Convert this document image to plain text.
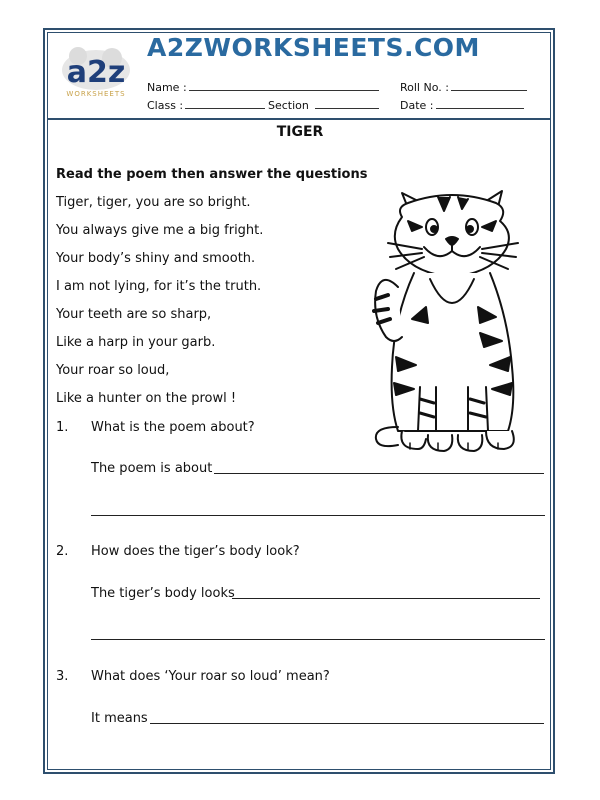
a2z
WORKSHEETS
A2ZWORKSHEETS.COM
Name :	Roll No. :
Class :	Section	Date :
TIGER
Read the poem then answer the questions
Tiger, tiger, you are so bright.
You always give me a big fright.
Your body’s shiny and smooth.
I am not lying, for it’s the truth.
Your teeth are so sharp,
Like a harp in your garb.
Your roar so loud,
Like a hunter on the prowl !
1. What is the poem about?
The poem is about
2. How does the tiger’s body look?
The tiger’s body looks
3. What does ‘Your roar so loud’ mean?
It means
